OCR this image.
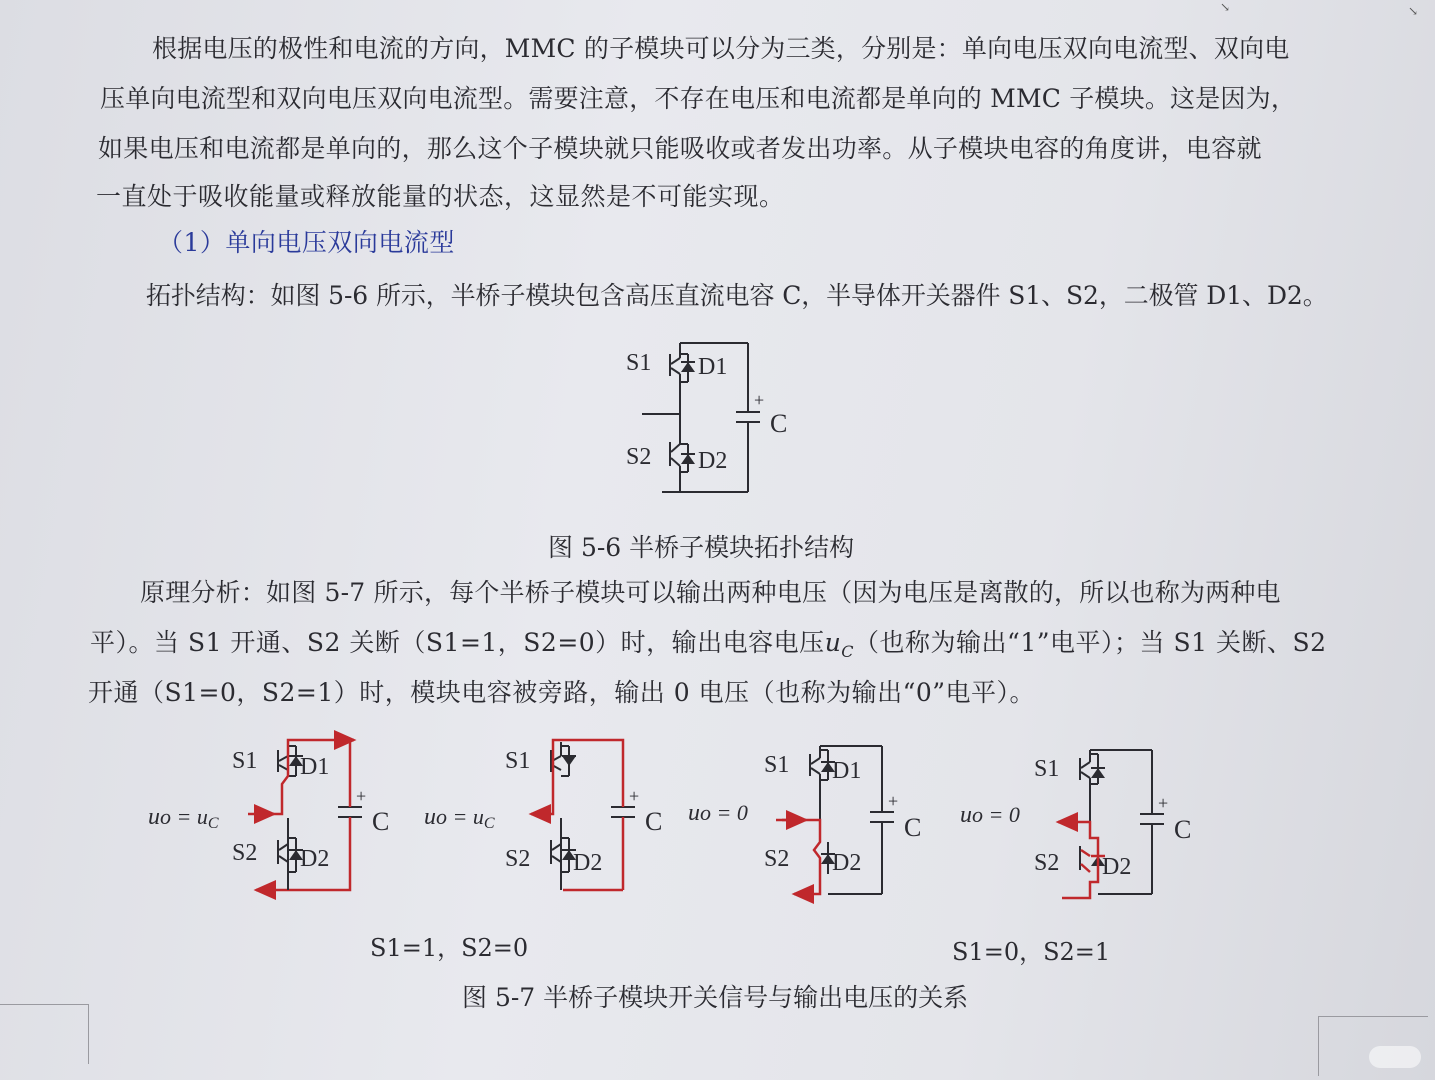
↘	↘
根据电压的极性和电流的方向，MMC 的子模块可以分为三类，分别是：单向电压双向电流型、双向电
压单向电流型和双向电压双向电流型。需要注意，不存在电压和电流都是单向的 MMC 子模块。这是因为，
如果电压和电流都是单向的，那么这个子模块就只能吸收或者发出功率。从子模块电容的角度讲，电容就
一直处于吸收能量或释放能量的状态，这显然是不可能实现。
（1）单向电压双向电流型
拓扑结构：如图 5-6 所示，半桥子模块包含高压直流电容 C，半导体开关器件 S1、S2，二极管 D1、D2。
S1 D1
+
C
S2 D2
图 5-6 半桥子模块拓扑结构
原理分析：如图 5-7 所示，每个半桥子模块可以输出两种电压（因为电压是离散的，所以也称为两种电
平）。当 S1 开通、S2 关断（S1=1，S2=0）时，输出电容电压$u_C$（也称为输出“1”电平）；当 S1 关断、S2
开通（S1=0，S2=1）时，模块电容被旁路，输出 0 电压（也称为输出“0”电平）。
S1 D1
+
C
S2 D2
uo = uC
S1
+
C
S2 D2
uo = uC
S1 D1
+
C
S2 D2
uo = 0
S1
+
C
S2 D2
uo = 0
S1=1，S2=0	S1=0，S2=1
图 5-7 半桥子模块开关信号与输出电压的关系
